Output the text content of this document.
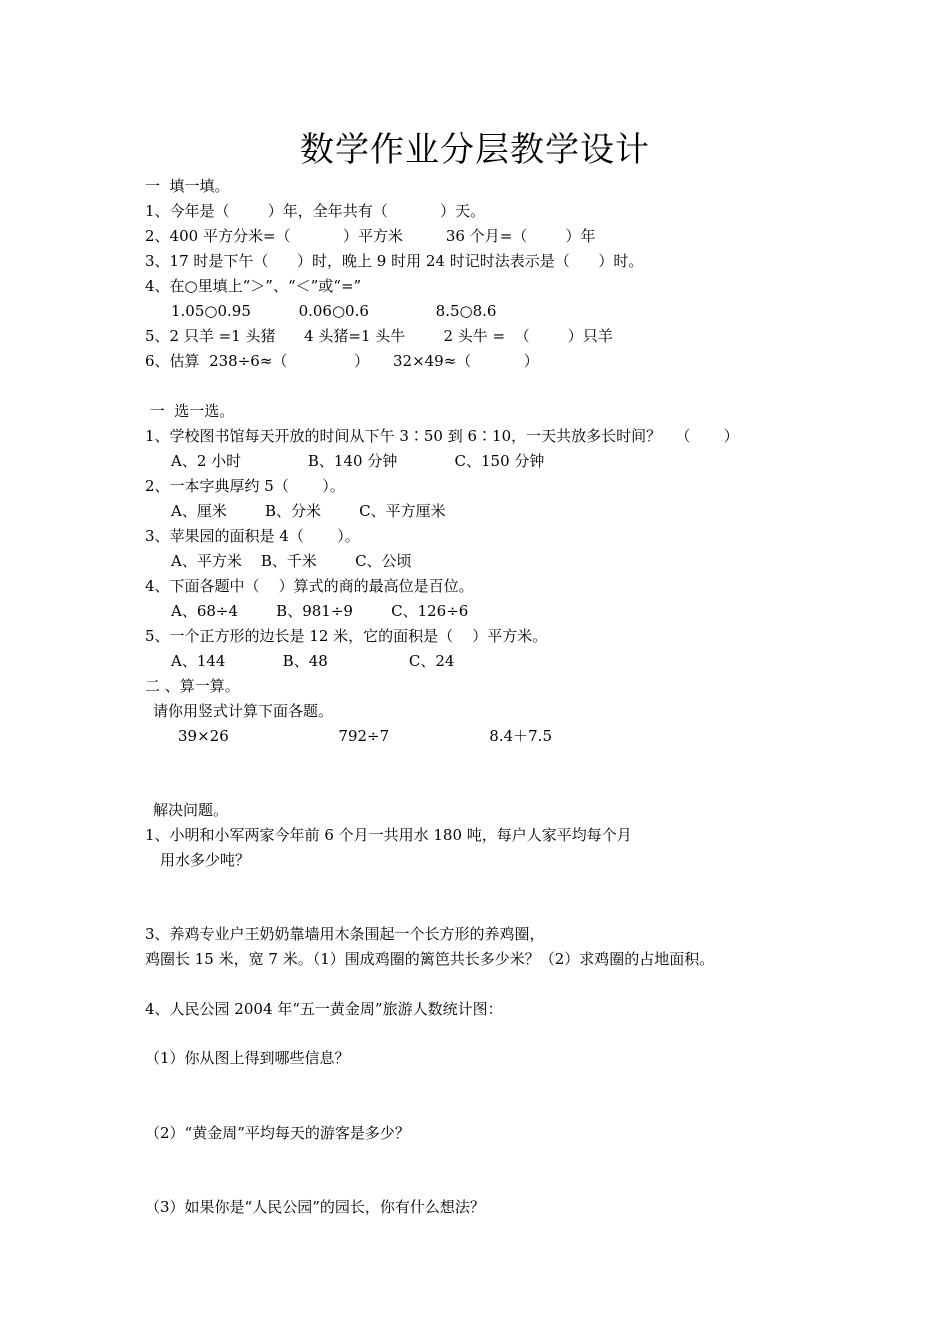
数学作业分层教学设计
一  填一填。
1、今年是（        ）年，全年共有（           ）天。
2、400 平方分米=（           ）平方米         36 个月=（        ）年
3、17 时是下午（      ）时，晚上 9 时用 24 时记时法表示是（      ）时。
4、在○里填上“＞”、“＜”或“=”
1.05○0.95          0.06○0.6              8.5○8.6
5、2 只羊 =1 头猪      4 头猪=1 头牛        2 头牛 =  （        ）只羊
6、估算  238÷6≈（              ）     32×49≈（           ）
一  选一选。
1、学校图书馆每天开放的时间从下午 3∶50 到 6∶10，一天共放多长时间？   （       ）
A、2 小时              B、140 分钟            C、150 分钟
2、一本字典厚约 5（       ）。
A、厘米        B、分米        C、平方厘米
3、苹果园的面积是 4（       ）。
A、平方米    B、千米        C、公顷
4、下面各题中（    ）算式的商的最高位是百位。
A、68÷4        B、981÷9        C、126÷6
5、一个正方形的边长是 12 米，它的面积是（    ）平方米。
A、144            B、48                 C、24
二 、算一算。
请你用竖式计算下面各题。
39×26                       792÷7                     8.4＋7.5
解决问题。
1、小明和小军两家今年前 6 个月一共用水 180 吨，每户人家平均每个月
用水多少吨？
3、养鸡专业户王奶奶靠墙用木条围起一个长方形的养鸡圈，
鸡圈长 15 米，宽 7 米。（1）围成鸡圈的篱笆共长多少米？（2）求鸡圈的占地面积。
4、人民公园 2004 年“五一黄金周”旅游人数统计图：
（1）你从图上得到哪些信息？
（2）“黄金周”平均每天的游客是多少？
（3）如果你是“人民公园”的园长，你有什么想法？
